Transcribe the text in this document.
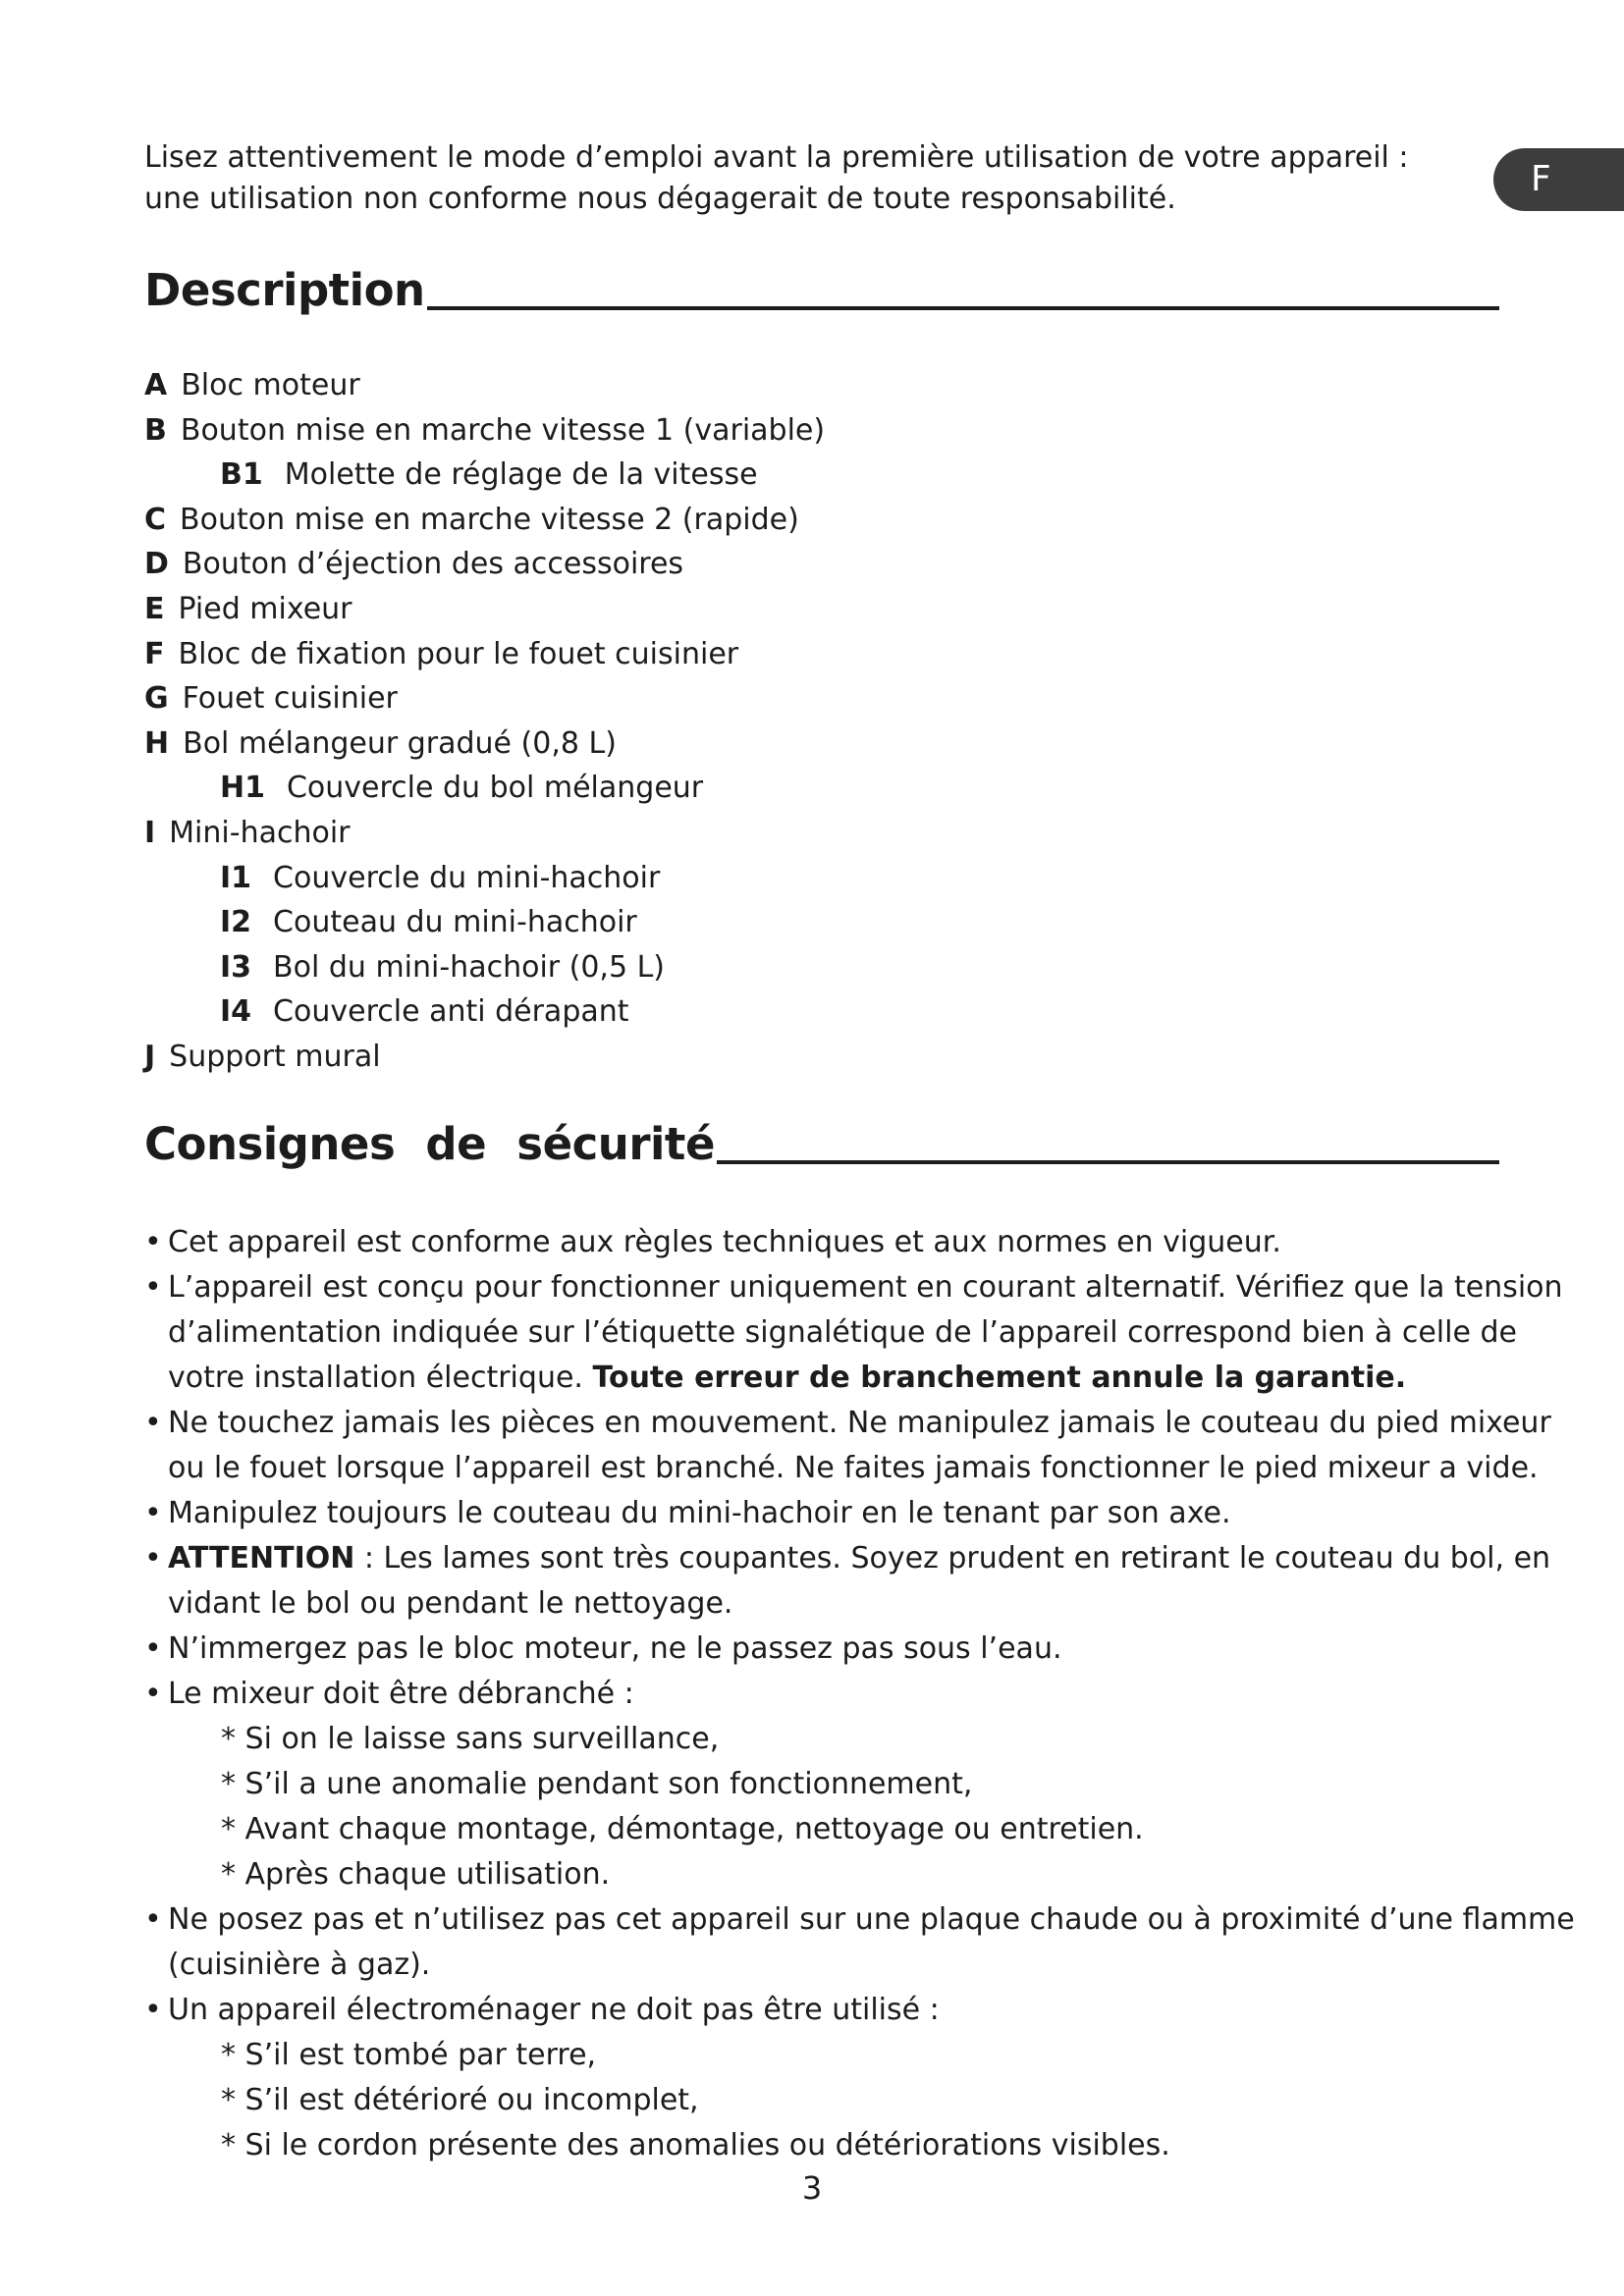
Lisez attentivement le mode d’emploi avant la première utilisation de votre appareil : une utilisation non conforme nous dégagerait de toute responsabilité.	F
Description
A Bloc moteur
B Bouton mise en marche vitesse 1 (variable)
B1 Molette de réglage de la vitesse
C Bouton mise en marche vitesse 2 (rapide)
D Bouton d’éjection des accessoires
E Pied mixeur
F Bloc de fixation pour le fouet cuisinier
G Fouet cuisinier
H Bol mélangeur gradué (0,8 L)
H1 Couvercle du bol mélangeur
I Mini-hachoir
I1 Couvercle du mini-hachoir
I2 Couteau du mini-hachoir
I3 Bol du mini-hachoir (0,5 L)
I4 Couvercle anti dérapant
J Support mural
Consignes de sécurité
• Cet appareil est conforme aux règles techniques et aux normes en vigueur.
• L’appareil est conçu pour fonctionner uniquement en courant alternatif. Vérifiez que la tension d’alimentation indiquée sur l’étiquette signalétique de l’appareil correspond bien à celle de votre installation électrique. Toute erreur de branchement annule la garantie.
• Ne touchez jamais les pièces en mouvement. Ne manipulez jamais le couteau du pied mixeur ou le fouet lorsque l’appareil est branché. Ne faites jamais fonctionner le pied mixeur a vide.
• Manipulez toujours le couteau du mini-hachoir en le tenant par son axe.
• ATTENTION : Les lames sont très coupantes. Soyez prudent en retirant le couteau du bol, en vidant le bol ou pendant le nettoyage.
• N’immergez pas le bloc moteur, ne le passez pas sous l’eau.
• Le mixeur doit être débranché :
* Si on le laisse sans surveillance,
* S’il a une anomalie pendant son fonctionnement,
* Avant chaque montage, démontage, nettoyage ou entretien.
* Après chaque utilisation.
• Ne posez pas et n’utilisez pas cet appareil sur une plaque chaude ou à proximité d’une flamme (cuisinière à gaz).
• Un appareil électroménager ne doit pas être utilisé :
* S’il est tombé par terre,
* S’il est détérioré ou incomplet,
* Si le cordon présente des anomalies ou détériorations visibles.
3
